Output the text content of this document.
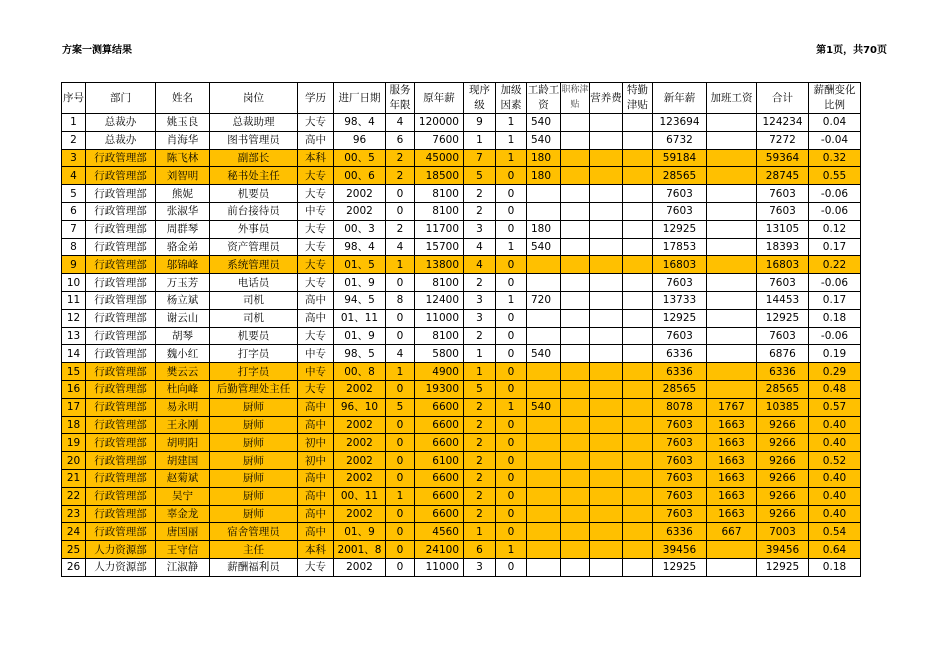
方案一测算结果	第1页，共70页
序号	部门	姓名	岗位	学历	进厂日期	服务年限	原年薪	现序级	加级因素	工龄工资	职称津贴	营养费	特勤津贴	新年薪	加班工资	合计	薪酬变化比例
1	总裁办	姚玉良	总裁助理	大专	98、4	4	120000	9	1	540				123694		124234	0.04
2	总裁办	肖海华	图书管理员	高中	96	6	7600	1	1	540				6732		7272	-0.04
3	行政管理部	陈飞林	副部长	本科	00、5	2	45000	7	1	180				59184		59364	0.32
4	行政管理部	刘智明	秘书处主任	大专	00、6	2	18500	5	0	180				28565		28745	0.55
5	行政管理部	熊妮	机要员	大专	2002	0	8100	2	0					7603		7603	-0.06
6	行政管理部	张淑华	前台接待员	中专	2002	0	8100	2	0					7603		7603	-0.06
7	行政管理部	周群琴	外事员	大专	00、3	2	11700	3	0	180				12925		13105	0.12
8	行政管理部	骆金弟	资产管理员	大专	98、4	4	15700	4	1	540				17853		18393	0.17
9	行政管理部	邬锦峰	系统管理员	大专	01、5	1	13800	4	0					16803		16803	0.22
10	行政管理部	万玉芳	电话员	大专	01、9	0	8100	2	0					7603		7603	-0.06
11	行政管理部	杨立斌	司机	高中	94、5	8	12400	3	1	720				13733		14453	0.17
12	行政管理部	谢云山	司机	高中	01、11	0	11000	3	0					12925		12925	0.18
13	行政管理部	胡琴	机要员	大专	01、9	0	8100	2	0					7603		7603	-0.06
14	行政管理部	魏小红	打字员	中专	98、5	4	5800	1	0	540				6336		6876	0.19
15	行政管理部	樊云云	打字员	中专	00、8	1	4900	1	0					6336		6336	0.29
16	行政管理部	杜向峰	后勤管理处主任	大专	2002	0	19300	5	0					28565		28565	0.48
17	行政管理部	易永明	厨师	高中	96、10	5	6600	2	1	540				8078	1767	10385	0.57
18	行政管理部	王永刚	厨师	高中	2002	0	6600	2	0					7603	1663	9266	0.40
19	行政管理部	胡明阳	厨师	初中	2002	0	6600	2	0					7603	1663	9266	0.40
20	行政管理部	胡建国	厨师	初中	2002	0	6100	2	0					7603	1663	9266	0.52
21	行政管理部	赵菊斌	厨师	高中	2002	0	6600	2	0					7603	1663	9266	0.40
22	行政管理部	吴宁	厨师	高中	00、11	1	6600	2	0					7603	1663	9266	0.40
23	行政管理部	辜金龙	厨师	高中	2002	0	6600	2	0					7603	1663	9266	0.40
24	行政管理部	唐国丽	宿舍管理员	高中	01、9	0	4560	1	0					6336	667	7003	0.54
25	人力资源部	王守信	主任	本科	2001、8	0	24100	6	1					39456		39456	0.64
26	人力资源部	江淑静	薪酬福利员	大专	2002	0	11000	3	0					12925		12925	0.18
